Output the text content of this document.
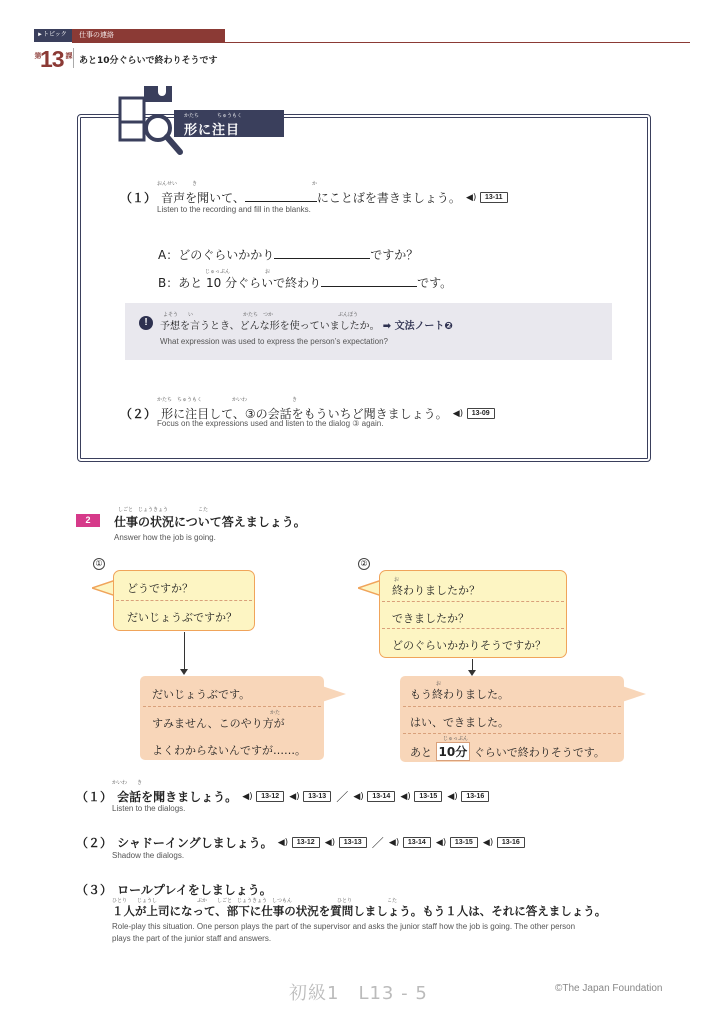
►トピック	仕事の連絡
第
13 課
あと10分ぐらいで終わりそうです
かたち	ちゅうもく
形に注目
おんせい　　　き　　　　　　　　　　　　　　　　　　　　　　　か
（１） 音声を聞いて、	にことばを書きましょう。 ◀) 13-11
Listen to the recording and fill in the blanks.
A：どのぐらいかかり	ですか？
じゅっぷん　　　　　　　お
B：あと 10 分ぐらいで終わり	です。
!
よそう　　い　　　　　　　　　　かたち　つか　　　　　　　　　　　　　ぶんぽう
予想を言うとき、どんな形を使っていましたか。 ➡ 文法ノート❷
What expression was used to express the person’s expectation?
かたち　ちゅうもく　　　　　　かいわ　　　　　　　　　き
（２） 形に注目して、③の会話をもういちど聞きましょう。 ◀) 13-09
Focus on the expressions used and listen to the dialog ③ again.
2
しごと　じょうきょう　　　　　　こた
仕事の状況について答えましょう。
Answer how the job is going.
①
どうですか？
だいじょうぶですか？
だいじょうぶです。
かた
すみません、このやり方が
よくわからないんですが……。
②
お
終わりましたか？
できましたか？
どのぐらいかかりそうですか？
お
もう終わりました。
はい、できました。
じゅっぷん
あと 10分 ぐらいで終わりそうです。
かいわ　　き
（１） 会話を聞きましょう。 ◀) 13-12 ◀) 13-13 ／ ◀) 13-14 ◀) 13-15 ◀) 13-16
Listen to the dialogs.
（２） シャドーイングしましょう。 ◀) 13-12 ◀) 13-13 ／ ◀) 13-14 ◀) 13-15 ◀) 13-16
Shadow the dialogs.
（３） ロールプレイをしましょう。
ひとり　　じょうし　　　　　　　　ぶか　　しごと　じょうきょう　しつもん　　　　　　　　　ひとり　　　　　　　こた
１人が上司になって、部下に仕事の状況を質問しましょう。もう１人は、それに答えましょう。
Role-play this situation. One person plays the part of the supervisor and asks the junior staff how the job is going. The other person
plays the part of the junior staff and answers.
初級1　L13 - 5	©The Japan Foundation
